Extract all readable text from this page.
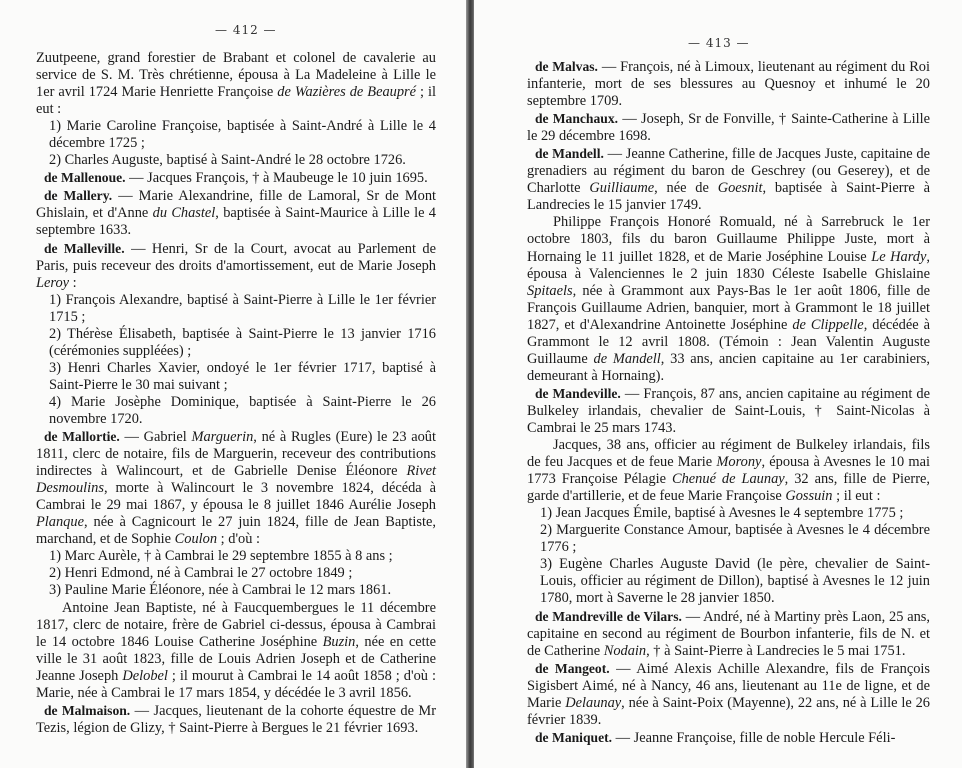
— 412 —

Zuutpeene, grand forestier de Brabant et colonel de cavalerie au service de S. M. Très chrétienne, épousa à La Madeleine à Lille le 1er avril 1724 Marie Henriette Françoise de Wazières de Beaupré ; il eut :

1) Marie Caroline Françoise, baptisée à Saint-André à Lille le 4 décembre 1725 ;

2) Charles Auguste, baptisé à Saint-André le 28 octobre 1726.

de Mallenoue. — Jacques François, † à Maubeuge le 10 juin 1695.

de Mallery. — Marie Alexandrine, fille de Lamoral, Sr de Mont Ghislain, et d'Anne du Chastel, baptisée à Saint-Maurice à Lille le 4 septembre 1633.

de Malleville. — Henri, Sr de la Court, avocat au Parlement de Paris, puis receveur des droits d'amortissement, eut de Marie Joseph Leroy :

1) François Alexandre, baptisé à Saint-Pierre à Lille le 1er février 1715 ;

2) Thérèse Élisabeth, baptisée à Saint-Pierre le 13 janvier 1716 (cérémonies suppléées) ;

3) Henri Charles Xavier, ondoyé le 1er février 1717, baptisé à Saint-Pierre le 30 mai suivant ;

4) Marie Josèphe Dominique, baptisée à Saint-Pierre le 26 novembre 1720.

de Mallortie. — Gabriel Marguerin, né à Rugles (Eure) le 23 août 1811, clerc de notaire, fils de Marguerin, receveur des contributions indirectes à Walincourt, et de Gabrielle Denise Éléonore Rivet Desmoulins, morte à Walincourt le 3 novembre 1824, décéda à Cambrai le 29 mai 1867, y épousa le 8 juillet 1846 Aurélie Joseph Planque, née à Cagnicourt le 27 juin 1824, fille de Jean Baptiste, marchand, et de Sophie Coulon ; d'où :

1) Marc Aurèle, † à Cambrai le 29 septembre 1855 à 8 ans ;

2) Henri Edmond, né à Cambrai le 27 octobre 1849 ;

3) Pauline Marie Éléonore, née à Cambrai le 12 mars 1861.

Antoine Jean Baptiste, né à Faucquembergues le 11 décembre 1817, clerc de notaire, frère de Gabriel ci-dessus, épousa à Cambrai le 14 octobre 1846 Louise Catherine Joséphine Buzin, née en cette ville le 31 août 1823, fille de Louis Adrien Joseph et de Catherine Jeanne Joseph Delobel ; il mourut à Cambrai le 14 août 1858 ; d'où : Marie, née à Cambrai le 17 mars 1854, y décédée le 3 avril 1856.

de Malmaison. — Jacques, lieutenant de la cohorte équestre de Mr Tezis, légion de Glizy, † Saint-Pierre à Bergues le 21 février 1693.

— 413 —

de Malvas. — François, né à Limoux, lieutenant au régiment du Roi infanterie, mort de ses blessures au Quesnoy et inhumé le 20 septembre 1709.

de Manchaux. — Joseph, Sr de Fonville, † Sainte-Catherine à Lille le 29 décembre 1698.

de Mandell. — Jeanne Catherine, fille de Jacques Juste, capitaine de grenadiers au régiment du baron de Geschrey (ou Geserey), et de Charlotte Guilliaume, née de Goesnit, baptisée à Saint-Pierre à Landrecies le 15 janvier 1749.

Philippe François Honoré Romuald, né à Sarrebruck le 1er octobre 1803, fils du baron Guillaume Philippe Juste, mort à Hornaing le 11 juillet 1828, et de Marie Joséphine Louise Le Hardy, épousa à Valenciennes le 2 juin 1830 Céleste Isabelle Ghislaine Spitaels, née à Grammont aux Pays-Bas le 1er août 1806, fille de François Guillaume Adrien, banquier, mort à Grammont le 18 juillet 1827, et d'Alexandrine Antoinette Joséphine de Clippelle, décédée à Grammont le 12 avril 1808. (Témoin : Jean Valentin Auguste Guillaume de Mandell, 33 ans, ancien capitaine au 1er carabiniers, demeurant à Hornaing).

de Mandeville. — François, 87 ans, ancien capitaine au régiment de Bulkeley irlandais, chevalier de Saint-Louis, † Saint-Nicolas à Cambrai le 25 mars 1743.

Jacques, 38 ans, officier au régiment de Bulkeley irlandais, fils de feu Jacques et de feue Marie Morony, épousa à Avesnes le 10 mai 1773 Françoise Pélagie Chenué de Launay, 32 ans, fille de Pierre, garde d'artillerie, et de feue Marie Françoise Gossuin ; il eut :

1) Jean Jacques Émile, baptisé à Avesnes le 4 septembre 1775 ;

2) Marguerite Constance Amour, baptisée à Avesnes le 4 décembre 1776 ;

3) Eugène Charles Auguste David (le père, chevalier de Saint-Louis, officier au régiment de Dillon), baptisé à Avesnes le 12 juin 1780, mort à Saverne le 28 janvier 1850.

de Mandreville de Vilars. — André, né à Martiny près Laon, 25 ans, capitaine en second au régiment de Bourbon infanterie, fils de N. et de Catherine Nodain, † à Saint-Pierre à Landrecies le 5 mai 1751.

de Mangeot. — Aimé Alexis Achille Alexandre, fils de François Sigisbert Aimé, né à Nancy, 46 ans, lieutenant au 11e de ligne, et de Marie Delaunay, née à Saint-Poix (Mayenne), 22 ans, né à Lille le 26 février 1839.

de Maniquet. — Jeanne Françoise, fille de noble Hercule Féli-
